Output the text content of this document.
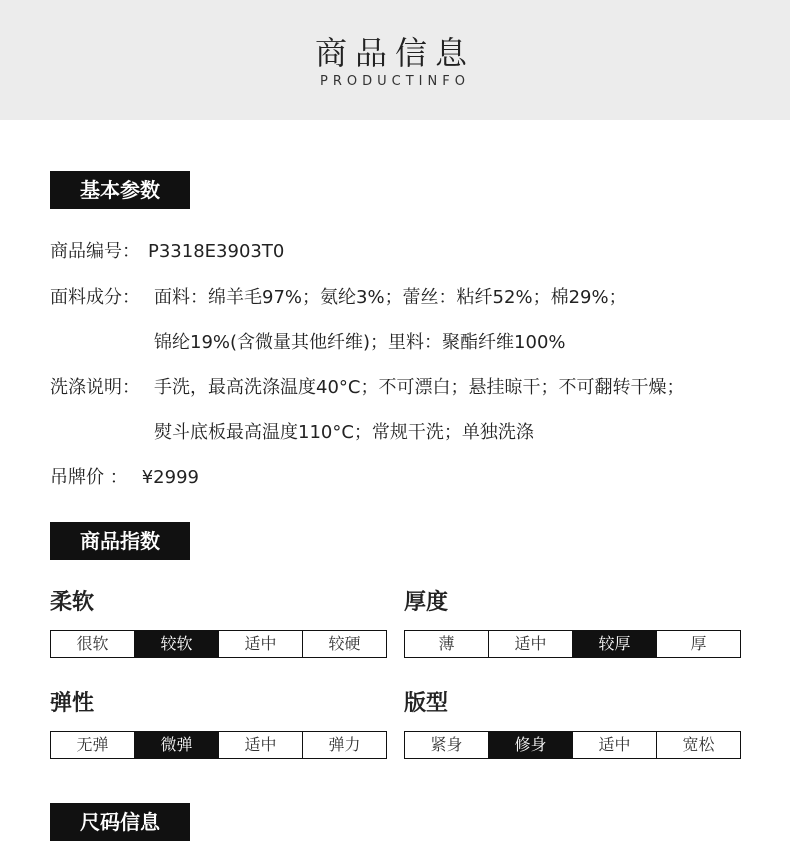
商品信息
PRODUCTINFO
基本参数
商品编号： P3318E3903T0
面料成分： 面料：绵羊毛97%；氨纶3%；蕾丝：粘纤52%；棉29%；
锦纶19%(含微量其他纤维)；里料：聚酯纤维100%
洗涤说明： 手洗，最高洗涤温度40°C；不可漂白；悬挂晾干；不可翻转干燥；
熨斗底板最高温度110°C；常规干洗；单独洗涤
吊牌价 ： ¥2999
商品指数
柔软
很软	较软	适中	较硬
厚度
薄	适中	较厚	厚
弹性
无弹	微弹	适中	弹力
版型
紧身	修身	适中	宽松
尺码信息
